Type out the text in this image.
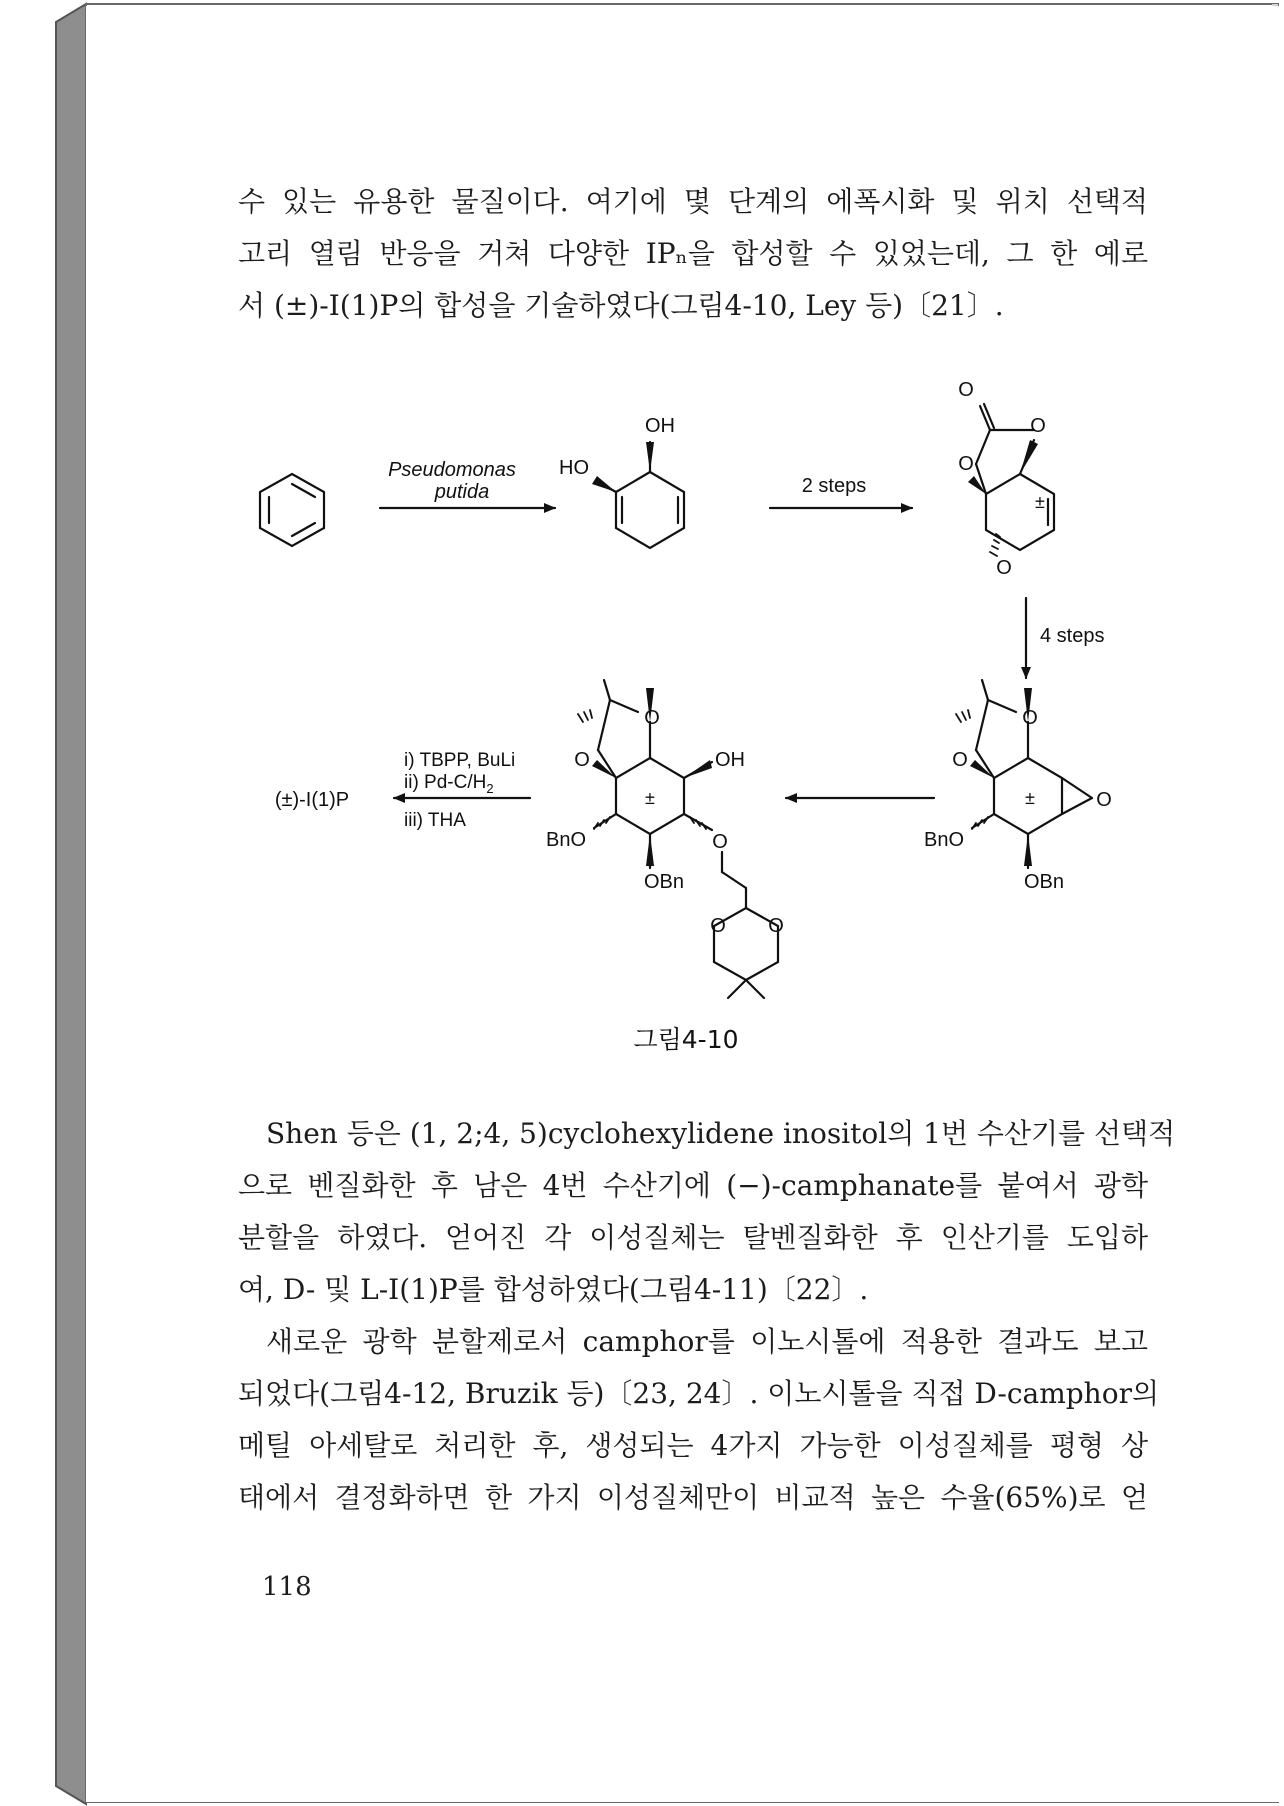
수 있는 유용한 물질이다. 여기에 몇 단계의 에폭시화 및 위치 선택적
고리 열림 반응을 거쳐 다양한 IPₙ을 합성할 수 있었는데, 그 한 예로
서 (±)-I(1)P의 합성을 기술하였다(그림4-10, Ley 등)〔21〕.
Pseudomonas
putida	2 steps
4 steps
OH
HO
O
O
O
±
O
O
O
±	O
BnO
OBn
O
O	OH
±
BnO	O
OBn
O O
(±)-I(1)P
i) TBPP, BuLi
ii) $Pd-C/H_2$
iii) THA
그림4-10
Shen 등은 (1, 2;4, 5)cyclohexylidene inositol의 1번 수산기를 선택적
으로 벤질화한 후 남은 4번 수산기에 (−)-camphanate를 붙여서 광학
분할을 하였다. 얻어진 각 이성질체는 탈벤질화한 후 인산기를 도입하
여, D- 및 L-I(1)P를 합성하였다(그림4-11)〔22〕.
새로운 광학 분할제로서 camphor를 이노시톨에 적용한 결과도 보고
되었다(그림4-12, Bruzik 등)〔23, 24〕. 이노시톨을 직접 D-camphor의
메틸 아세탈로 처리한 후, 생성되는 4가지 가능한 이성질체를 평형 상
태에서 결정화하면 한 가지 이성질체만이 비교적 높은 수율(65%)로 얻
118
